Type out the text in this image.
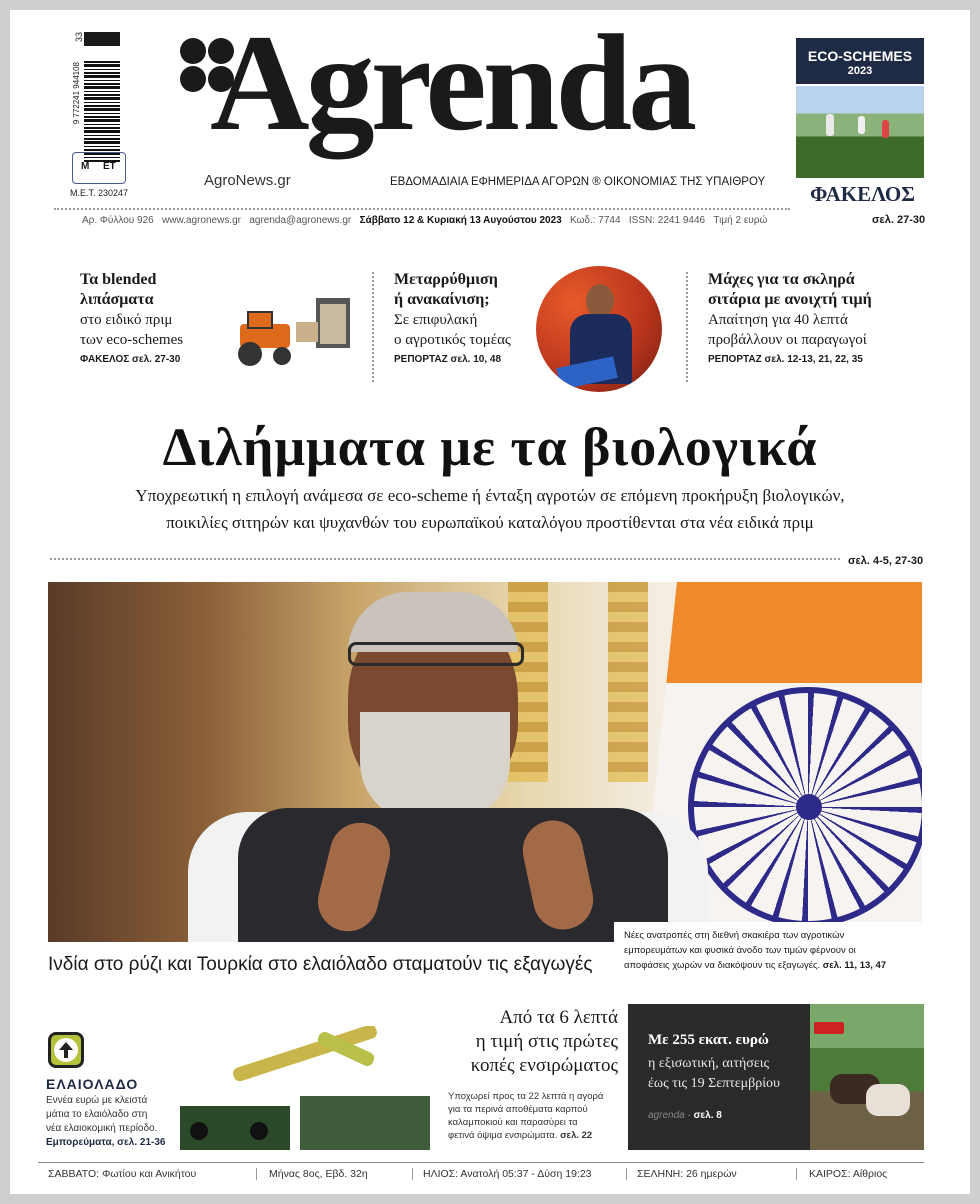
33
9 772241 944108
Μ ΕΤ
Μ.Ε.Τ. 230247
Agrenda
AgroNews.gr	ΕΒΔΟΜΑΔΙΑΙΑ ΕΦΗΜΕΡΙΔΑ ΑΓΟΡΩΝ ® ΟΙΚΟΝΟΜΙΑΣ ΤΗΣ ΥΠΑΙΘΡΟΥ
ECO-SCHEMES
2023
ΦΑΚΕΛΟΣ
σελ. 27-30
Αρ. Φύλλου 926 www.agronews.gr agrenda@agronews.gr Σάββατο 12 & Κυριακή 13 Αυγούστου 2023 Κωδ.: 7744 ISSN: 2241 9446 Τιμή 2 ευρώ
Τα blended
λιπάσματα
στο ειδικό πριμ
των eco-schemes
ΦΑΚΕΛΟΣ σελ. 27-30
Μεταρρύθμιση
ή ανακαίνιση;
Σε επιφυλακή
ο αγροτικός τομέας
ΡΕΠΟΡΤΑΖ σελ. 10, 48
Μάχες για τα σκληρά
σιτάρια με ανοιχτή τιμή
Απαίτηση για 40 λεπτά
προβάλλουν οι παραγωγοί
ΡΕΠΟΡΤΑΖ σελ. 12-13, 21, 22, 35
Διλήμματα με τα βιολογικά
Υποχρεωτική η επιλογή ανάμεσα σε eco-scheme ή ένταξη αγροτών σε επόμενη προκήρυξη βιολογικών,
ποικιλίες σιτηρών και ψυχανθών του ευρωπαϊκού καταλόγου προστίθενται στα νέα ειδικά πριμ
σελ. 4-5, 27-30
Ινδία στο ρύζι και Τουρκία στο ελαιόλαδο σταματούν τις εξαγωγές
Νέες ανατροπές στη διεθνή σκακιέρα των αγροτικών
εμπορευμάτων και φυσικά άνοδο των τιμών φέρνουν οι
αποφάσεις χωρών να διακόψουν τις εξαγωγές. σελ. 11, 13, 47
ΕΛΑΙΟΛΑΔΟ
Εννέα ευρώ με κλειστά
μάτια το ελαιόλαδο στη
νέα ελαιοκομική περίοδο.
Εμπορεύματα, σελ. 21-36
Από τα 6 λεπτά
η τιμή στις πρώτες
κοπές ενσιρώματος
Υποχωρεί προς τα 22 λεπτά η αγορά
για τα περινά αποθέματα καρπού
καλαμποκιού και παρασύρει τα
φετινά όψιμα ενσιρώματα. σελ. 22
Με 255 εκατ. ευρώ
η εξισωτική, αιτήσεις
έως τις 19 Σεπτεμβρίου
agrenda · σελ. 8
ΣΑΒΒΑΤΟ: Φωτίου και Ανικήτου	Μήνας 8ος, Εβδ. 32η	ΗΛΙΟΣ: Ανατολή 05:37 - Δύση 19:23	ΣΕΛΗΝΗ: 26 ημερών	ΚΑΙΡΟΣ: Αίθριος
